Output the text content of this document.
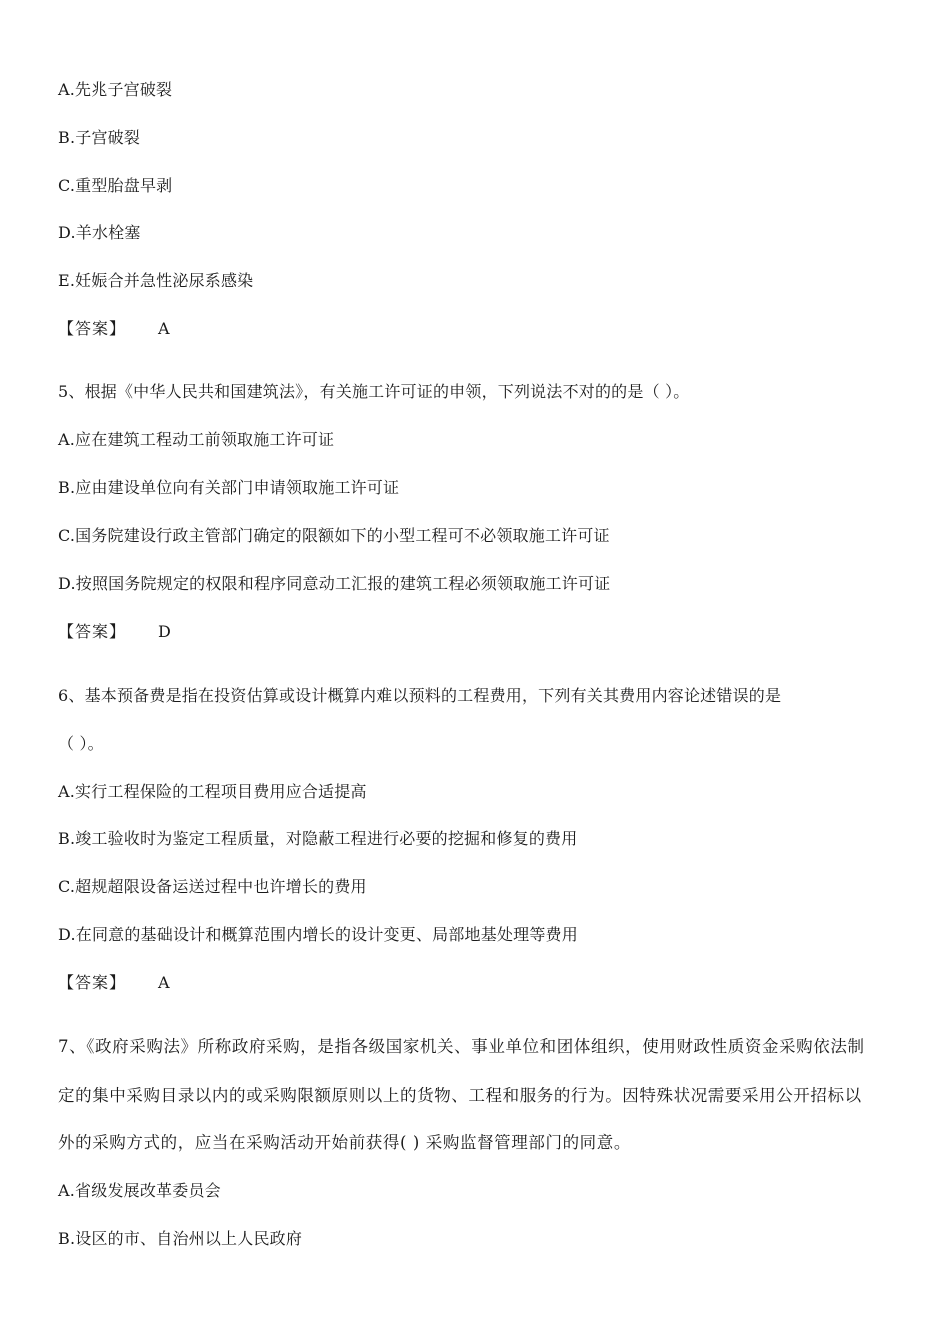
A.先兆子宫破裂
B.子宫破裂
C.重型胎盘早剥
D.羊水栓塞
E.妊娠合并急性泌尿系感染
【答案】 A
5、根据《中华人民共和国建筑法》，有关施工许可证的申领，下列说法不对的的是（ ）。
A.应在建筑工程动工前领取施工许可证
B.应由建设单位向有关部门申请领取施工许可证
C.国务院建设行政主管部门确定的限额如下的小型工程可不必领取施工许可证
D.按照国务院规定的权限和程序同意动工汇报的建筑工程必须领取施工许可证
【答案】 D
6、基本预备费是指在投资估算或设计概算内难以预料的工程费用，下列有关其费用内容论述错误的是
（ ）。
A.实行工程保险的工程项目费用应合适提高
B.竣工验收时为鉴定工程质量，对隐蔽工程进行必要的挖掘和修复的费用
C.超规超限设备运送过程中也许增长的费用
D.在同意的基础设计和概算范围内增长的设计变更、局部地基处理等费用
【答案】 A
7、《政府采购法》所称政府采购，是指各级国家机关、事业单位和团体组织，使用财政性质资金采购依法制
定的集中采购目录以内的或采购限额原则以上的货物、工程和服务的行为。因特殊状况需要采用公开招标以
外的采购方式的，应当在采购活动开始前获得( ) 采购监督管理部门的同意。
A.省级发展改革委员会
B.设区的市、自治州以上人民政府
